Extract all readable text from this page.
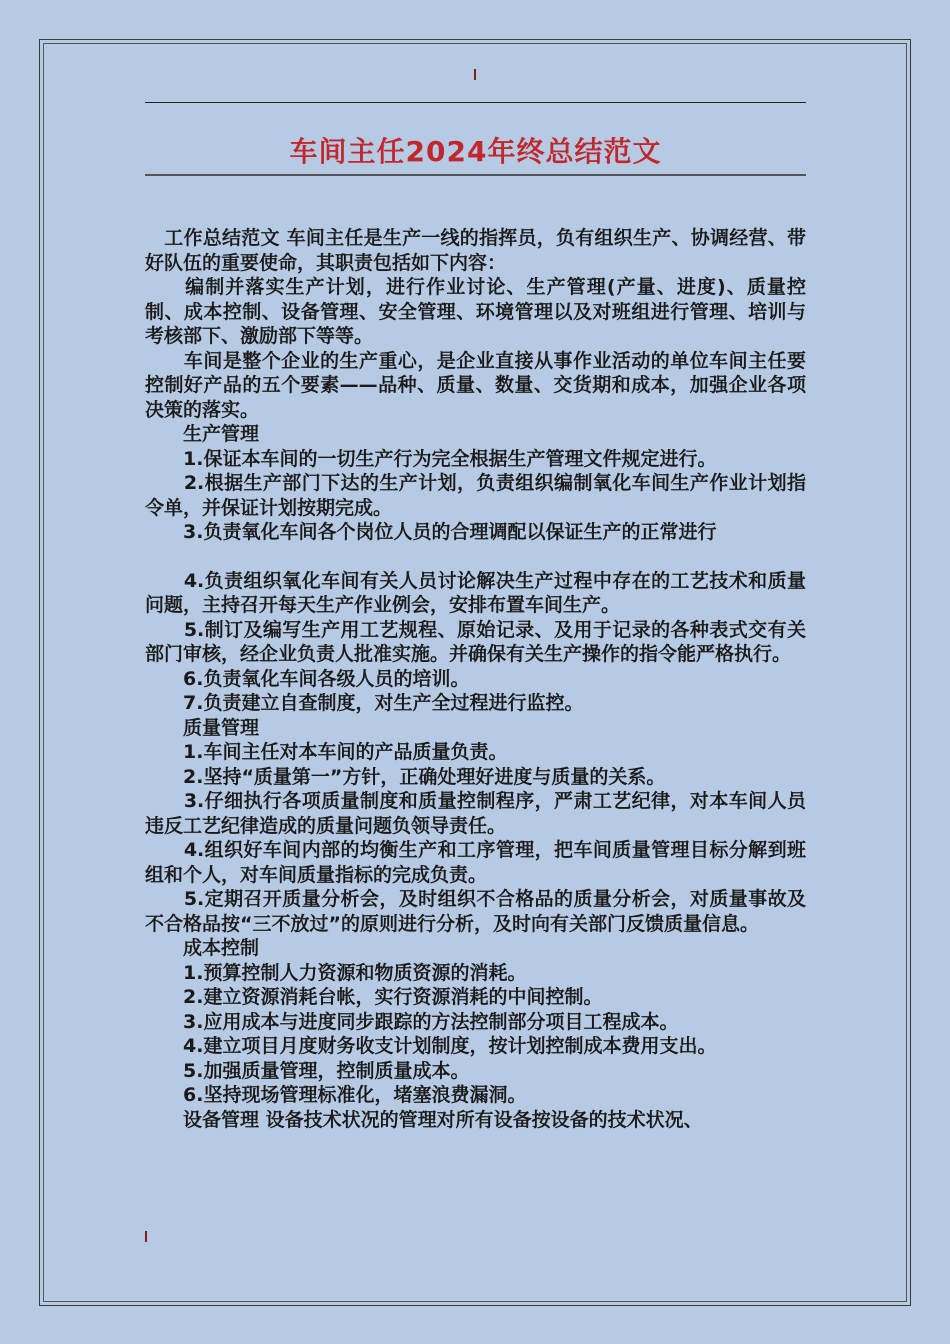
车间主任2024年终总结范文

　工作总结范文 车间主任是生产一线的指挥员，负有组织生产、协调经营、带好队伍的重要使命，其职责包括如下内容：

　　编制并落实生产计划，进行作业讨论、生产管理(产量、进度)、质量控制、成本控制、设备管理、安全管理、环境管理以及对班组进行管理、培训与考核部下、激励部下等等。

　　车间是整个企业的生产重心，是企业直接从事作业活动的单位车间主任要控制好产品的五个要素——品种、质量、数量、交货期和成本，加强企业各项决策的落实。

　　生产管理

　　1.保证本车间的一切生产行为完全根据生产管理文件规定进行。

　　2.根据生产部门下达的生产计划，负责组织编制氧化车间生产作业计划指令单，并保证计划按期完成。

　　3.负责氧化车间各个岗位人员的合理调配以保证生产的正常进行

　　4.负责组织氧化车间有关人员讨论解决生产过程中存在的工艺技术和质量问题，主持召开每天生产作业例会，安排布置车间生产。

　　5.制订及编写生产用工艺规程、原始记录、及用于记录的各种表式交有关部门审核，经企业负责人批准实施。并确保有关生产操作的指令能严格执行。

　　6.负责氧化车间各级人员的培训。

　　7.负责建立自查制度，对生产全过程进行监控。

　　质量管理

　　1.车间主任对本车间的产品质量负责。

　　2.坚持“质量第一”方针，正确处理好进度与质量的关系。

　　3.仔细执行各项质量制度和质量控制程序，严肃工艺纪律，对本车间人员违反工艺纪律造成的质量问题负领导责任。

　　4.组织好车间内部的均衡生产和工序管理，把车间质量管理目标分解到班组和个人，对车间质量指标的完成负责。

　　5.定期召开质量分析会，及时组织不合格品的质量分析会，对质量事故及不合格品按“三不放过”的原则进行分析，及时向有关部门反馈质量信息。

　　成本控制

　　1.预算控制人力资源和物质资源的消耗。

　　2.建立资源消耗台帐，实行资源消耗的中间控制。

　　3.应用成本与进度同步跟踪的方法控制部分项目工程成本。

　　4.建立项目月度财务收支计划制度，按计划控制成本费用支出。

　　5.加强质量管理，控制质量成本。

　　6.坚持现场管理标准化，堵塞浪费漏洞。

　　设备管理 设备技术状况的管理对所有设备按设备的技术状况、
